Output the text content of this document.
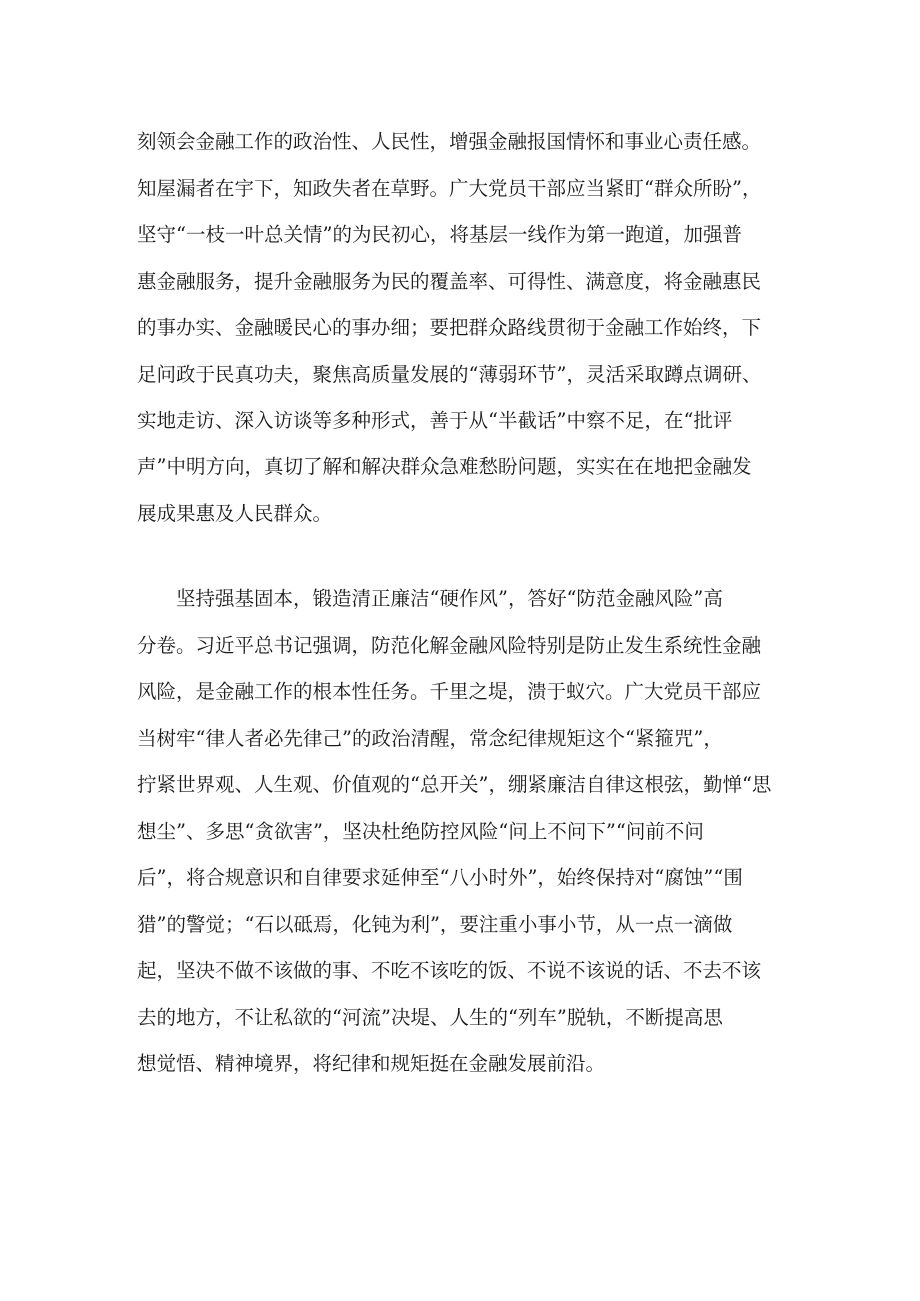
刻领会金融工作的政治性、人民性，增强金融报国情怀和事业心责任感。
知屋漏者在宇下，知政失者在草野。广大党员干部应当紧盯“群众所盼”，
坚守“一枝一叶总关情”的为民初心，将基层一线作为第一跑道，加强普
惠金融服务，提升金融服务为民的覆盖率、可得性、满意度，将金融惠民
的事办实、金融暖民心的事办细；要把群众路线贯彻于金融工作始终，下
足问政于民真功夫，聚焦高质量发展的“薄弱环节”，灵活采取蹲点调研、
实地走访、深入访谈等多种形式，善于从“半截话”中察不足，在“批评
声”中明方向，真切了解和解决群众急难愁盼问题，实实在在地把金融发
展成果惠及人民群众。
坚持强基固本，锻造清正廉洁“硬作风”，答好“防范金融风险”高
分卷。习近平总书记强调，防范化解金融风险特别是防止发生系统性金融
风险，是金融工作的根本性任务。千里之堤，溃于蚁穴。广大党员干部应
当树牢“律人者必先律己”的政治清醒，常念纪律规矩这个“紧箍咒”，
拧紧世界观、人生观、价值观的“总开关”，绷紧廉洁自律这根弦，勤惮“思
想尘”、多思“贪欲害”，坚决杜绝防控风险“问上不问下”“问前不问
后”，将合规意识和自律要求延伸至“八小时外”，始终保持对“腐蚀”“围
猎”的警觉；“石以砥焉，化钝为利”，要注重小事小节，从一点一滴做
起，坚决不做不该做的事、不吃不该吃的饭、不说不该说的话、不去不该
去的地方，不让私欲的“河流”决堤、人生的“列车”脱轨，不断提高思
想觉悟、精神境界，将纪律和规矩挺在金融发展前沿。
